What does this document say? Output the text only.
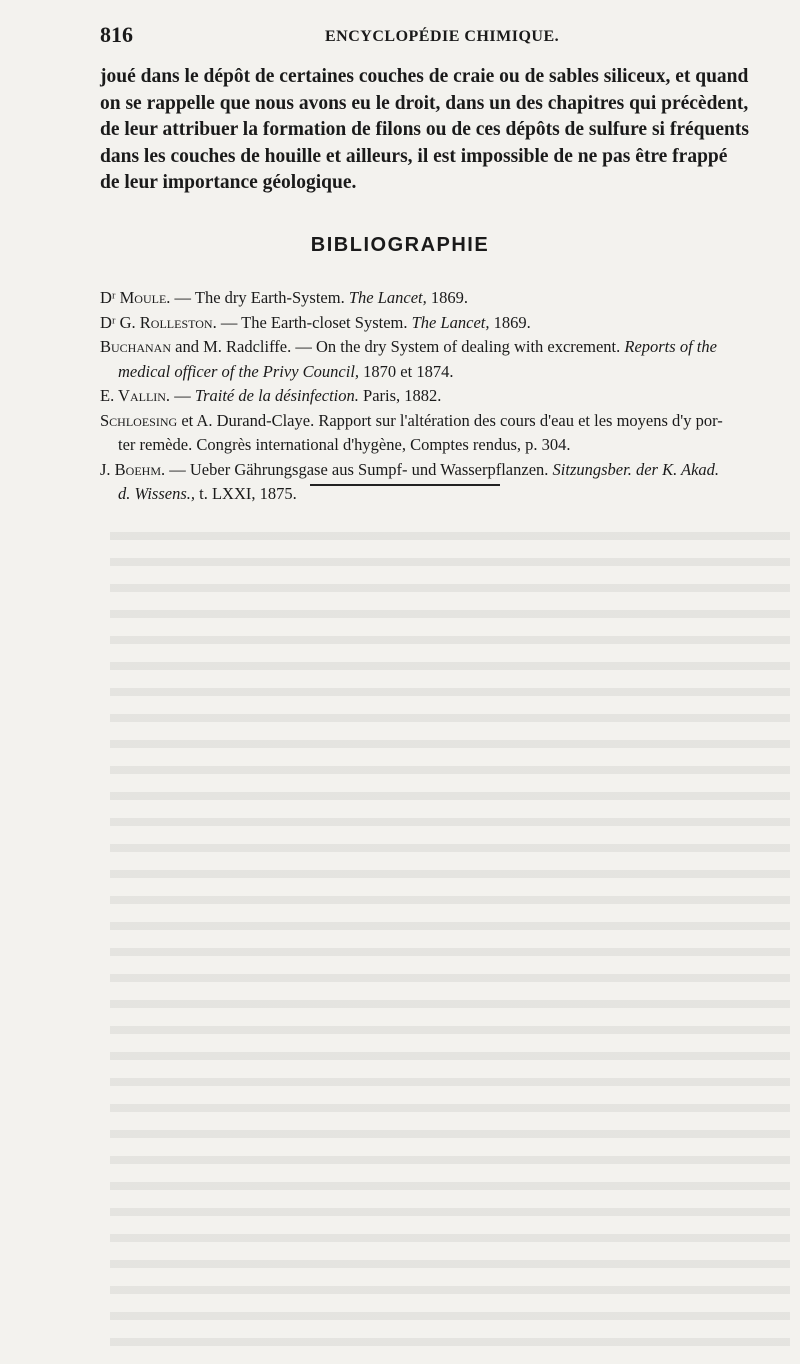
816	ENCYCLOPÉDIE CHIMIQUE.
joué dans le dépôt de certaines couches de craie ou de sables siliceux, et quand
on se rappelle que nous avons eu le droit, dans un des chapitres qui précèdent,
de leur attribuer la formation de filons ou de ces dépôts de sulfure si fréquents
dans les couches de houille et ailleurs, il est impossible de ne pas être frappé
de leur importance géologique.
BIBLIOGRAPHIE
Dʳ Moule. — The dry Earth-System. The Lancet, 1869.
Dʳ G. Rolleston. — The Earth-closet System. The Lancet, 1869.
Buchanan and M. Radcliffe. — On the dry System of dealing with excrement. Reports of the
medical officer of the Privy Council, 1870 et 1874.
E. Vallin. — Traité de la désinfection. Paris, 1882.
Schloesing et A. Durand-Claye. Rapport sur l'altération des cours d'eau et les moyens d'y por-
ter remède. Congrès international d'hygène, Comptes rendus, p. 304.
J. Boehm. — Ueber Gährungsgase aus Sumpf- und Wasserpflanzen. Sitzungsber. der K. Akad.
d. Wissens., t. LXXI, 1875.
